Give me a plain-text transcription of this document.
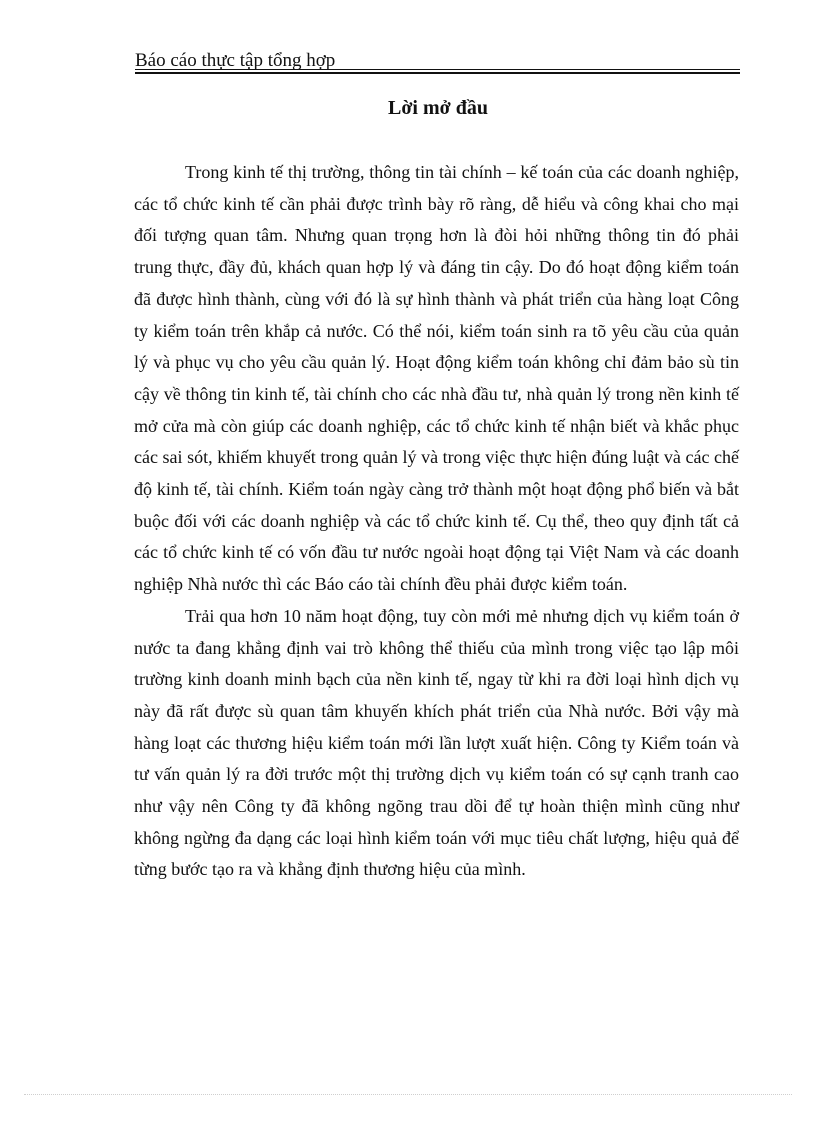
Báo cáo thực tập tổng hợp
Lời mở đầu

Trong kinh tế thị trường, thông tin tài chính – kế toán của các doanh nghiệp, các tổ chức kinh tế cần phải được trình bày rõ ràng, dễ hiểu và công khai cho mại đối tượng quan tâm. Nhưng quan trọng hơn là đòi hỏi những thông tin đó phải trung thực, đầy đủ, khách quan hợp lý và đáng tin cậy. Do đó hoạt động kiểm toán đã được hình thành, cùng với đó là sự hình thành và phát triển của hàng loạt Công ty kiểm toán trên khắp cả nước. Có thể nói, kiểm toán sinh ra tõ yêu cầu của quản lý và phục vụ cho yêu cầu quản lý. Hoạt động kiểm toán không chỉ đảm bảo sù tin cậy về thông tin kinh tế, tài chính cho các nhà đầu tư, nhà quản lý trong nền kinh tế mở cửa mà còn giúp các doanh nghiệp, các tổ chức kinh tế nhận biết và khắc phục các sai sót, khiếm khuyết trong quản lý và trong việc thực hiện đúng luật và các chế độ kinh tế, tài chính. Kiểm toán ngày càng trở thành một hoạt động phổ biến và bắt buộc đối với các doanh nghiệp và các tổ chức kinh tế. Cụ thể, theo quy định tất cả các tổ chức kinh tế có vốn đầu tư nước ngoài hoạt động tại Việt Nam và các doanh nghiệp Nhà nước thì các Báo cáo tài chính đều phải được kiểm toán.

Trải qua hơn 10 năm hoạt động, tuy còn mới mẻ nhưng dịch vụ kiểm toán ở nước ta đang khẳng định vai trò không thể thiếu của mình trong việc tạo lập môi trường kinh doanh minh bạch của nền kinh tế, ngay từ khi ra đời loại hình dịch vụ này đã rất được sù quan tâm khuyến khích phát triển của Nhà nước. Bởi vậy mà hàng loạt các thương hiệu kiểm toán mới lần lượt xuất hiện. Công ty Kiểm toán và tư vấn quản lý ra đời trước một thị trường dịch vụ kiểm toán có sự cạnh tranh cao như vậy nên Công ty đã không ngõng trau dồi để tự hoàn thiện mình cũng như không ngừng đa dạng các loại hình kiểm toán với mục tiêu chất lượng, hiệu quả để từng bước tạo ra và khẳng định thương hiệu của mình.
